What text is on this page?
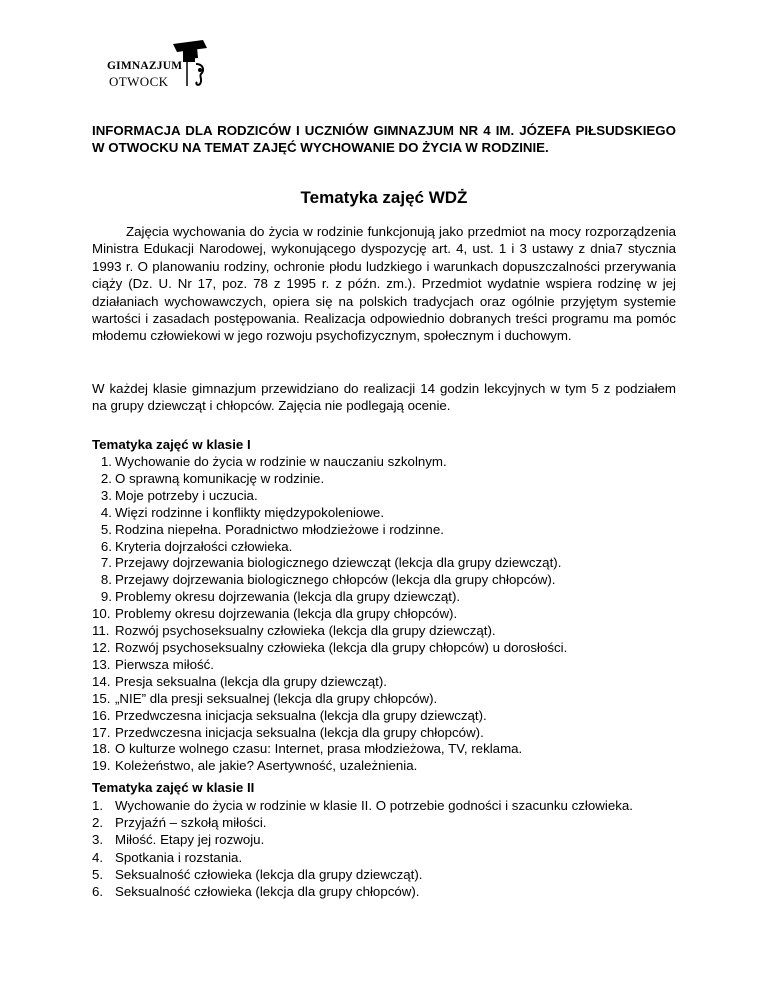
GIMNAZJUM
OTWOCK
INFORMACJA DLA RODZICÓW I UCZNIÓW GIMNAZJUM NR 4 IM. JÓZEFA PIŁSUDSKIEGO W OTWOCKU NA TEMAT ZAJĘĆ WYCHOWANIE DO ŻYCIA W RODZINIE.
Tematyka zajęć WDŻ

Zajęcia wychowania do życia w rodzinie funkcjonują jako przedmiot na mocy rozporządzenia Ministra Edukacji Narodowej, wykonującego dyspozycję art. 4, ust. 1 i 3 ustawy z dnia7 stycznia 1993 r. O planowaniu rodziny, ochronie płodu ludzkiego i warunkach dopuszczalności przerywania ciąży (Dz. U. Nr 17, poz. 78 z 1995 r. z późn. zm.). Przedmiot wydatnie wspiera rodzinę w jej działaniach wychowawczych, opiera się na polskich tradycjach oraz ogólnie przyjętym systemie wartości i zasadach postępowania. Realizacja odpowiednio dobranych treści programu ma pomóc młodemu człowiekowi w jego rozwoju psychofizycznym, społecznym i duchowym.

W każdej klasie gimnazjum przewidziano do realizacji 14 godzin lekcyjnych w tym 5 z podziałem na grupy dziewcząt i chłopców. Zajęcia nie podlegają ocenie.

Tematyka zajęć w klasie I
1. Wychowanie do życia w rodzinie w nauczaniu szkolnym.
2. O sprawną komunikację w rodzinie.
3. Moje potrzeby i uczucia.
4. Więzi rodzinne i konflikty międzypokoleniowe.
5. Rodzina niepełna. Poradnictwo młodzieżowe i rodzinne.
6. Kryteria dojrzałości człowieka.
7. Przejawy dojrzewania biologicznego dziewcząt (lekcja dla grupy dziewcząt).
8. Przejawy dojrzewania biologicznego chłopców (lekcja dla grupy chłopców).
9. Problemy okresu dojrzewania (lekcja dla grupy dziewcząt).
10. Problemy okresu dojrzewania (lekcja dla grupy chłopców).
11. Rozwój psychoseksualny człowieka (lekcja dla grupy dziewcząt).
12. Rozwój psychoseksualny człowieka (lekcja dla grupy chłopców) u dorosłości.
13. Pierwsza miłość.
14. Presja seksualna (lekcja dla grupy dziewcząt).
15. „NIE” dla presji seksualnej (lekcja dla grupy chłopców).
16. Przedwczesna inicjacja seksualna (lekcja dla grupy dziewcząt).
17. Przedwczesna inicjacja seksualna (lekcja dla grupy chłopców).
18. O kulturze wolnego czasu: Internet, prasa młodzieżowa, TV, reklama.
19. Koleżeństwo, ale jakie? Asertywność, uzależnienia.
Tematyka zajęć w klasie II
1. Wychowanie do życia w rodzinie w klasie II. O potrzebie godności i szacunku człowieka.
2. Przyjaźń – szkołą miłości.
3. Miłość. Etapy jej rozwoju.
4. Spotkania i rozstania.
5. Seksualność człowieka (lekcja dla grupy dziewcząt).
6. Seksualność człowieka (lekcja dla grupy chłopców).
